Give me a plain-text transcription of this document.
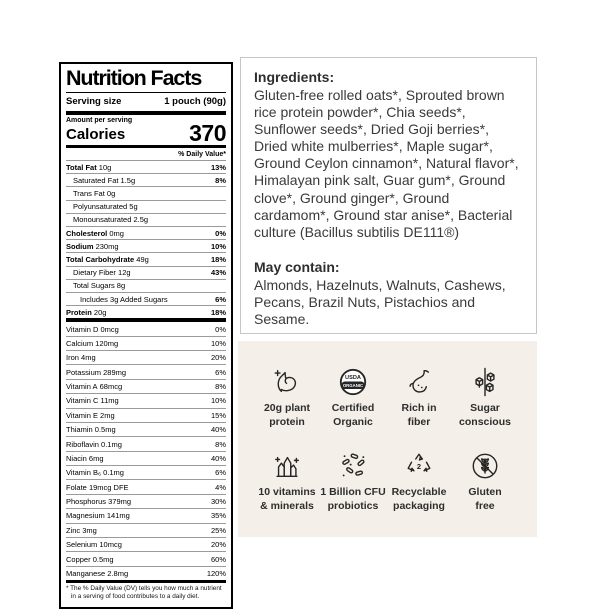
Nutrition Facts
Serving size	1 pouch (90g)
Amount per serving
Calories	370
% Daily Value*
Total Fat 10g	13%
Saturated Fat 1.5g	8%
Trans Fat 0g
Polyunsaturated 5g
Monounsaturated 2.5g
Cholesterol 0mg	0%
Sodium 230mg	10%
Total Carbohydrate 49g	18%
Dietary Fiber 12g	43%
Total Sugars 8g
Includes 3g Added Sugars	6%
Protein 20g	18%
Vitamin D 0mcg	0%
Calcium 120mg	10%
Iron 4mg	20%
Potassium 289mg	6%
Vitamin A 68mcg	8%
Vitamin C 11mg	10%
Vitamin E 2mg	15%
Thiamin 0.5mg	40%
Riboflavin 0.1mg	8%
Niacin 6mg	40%
Vitamin B₆ 0.1mg	6%
Folate 19mcg DFE	4%
Phosphorus 379mg	30%
Magnesium 141mg	35%
Zinc 3mg	25%
Selenium 10mcg	20%
Copper 0.5mg	60%
Manganese 2.8mg	120%
* The % Daily Value (DV) tells you how much a nutrient in a serving of food contributes to a daily diet.
Ingredients:
Gluten-free rolled oats*, Sprouted brown rice protein powder*, Chia seeds*, Sunflower seeds*, Dried Goji berries*, Dried white mulberries*, Maple sugar*, Ground Ceylon cinnamon*, Natural flavor*, Himalayan pink salt, Guar gum*, Ground clove*, Ground ginger*, Ground cardamom*, Ground star anise*, Bacterial culture (Bacillus subtilis DE111®)
May contain:
Almonds, Hazelnuts, Walnuts, Cashews, Pecans, Brazil Nuts, Pistachios and Sesame.
20g plant
protein
USDA
ORGANIC
Certified
Organic
Rich in
fiber
Sugar
conscious
10 vitamins
& minerals
1 Billion CFU
probiotics
2
Recyclable
packaging
Gluten
free
